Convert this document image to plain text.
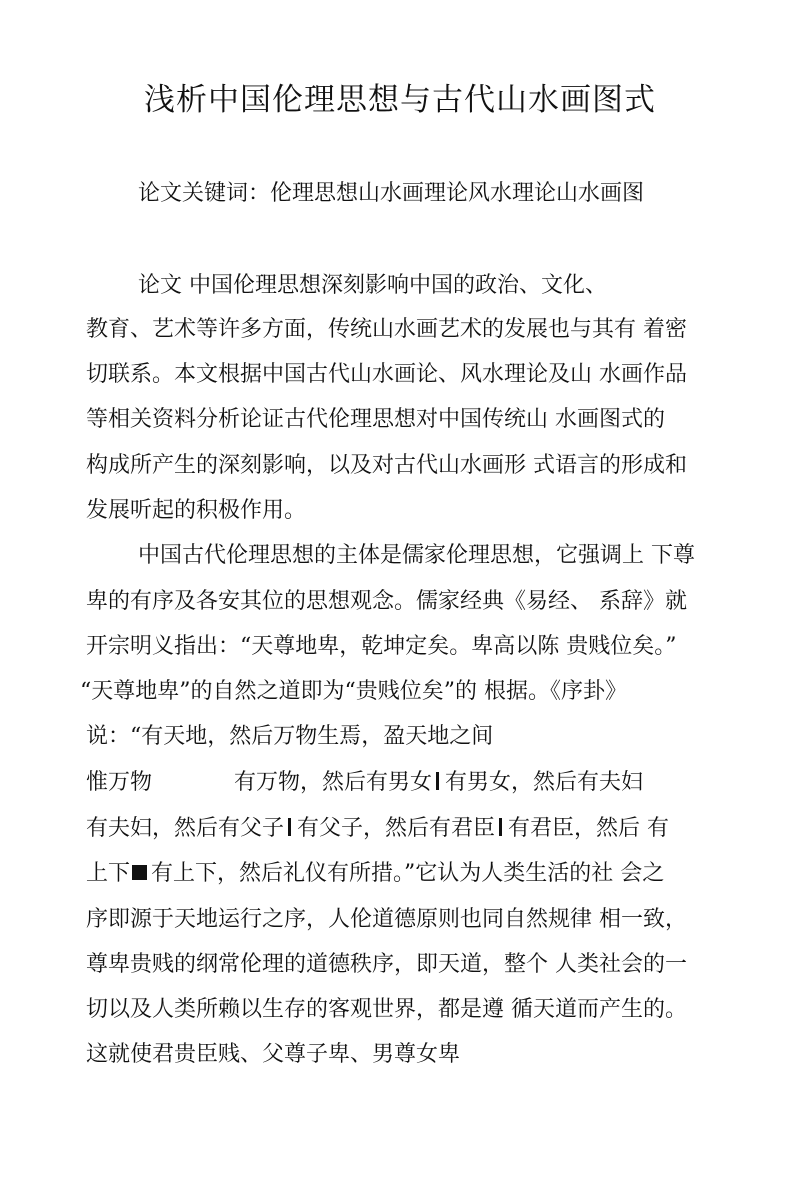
浅析中国伦理思想与古代山水画图式
论文关键词：伦理思想山水画理论风水理论山水画图
论文 中国伦理思想深刻影响中国的政治、文化、
教育、艺术等许多方面，传统山水画艺术的发展也与其有 着密
切联系。本文根据中国古代山水画论、风水理论及山 水画作品
等相关资料分析论证古代伦理思想对中国传统山 水画图式的
构成所产生的深刻影响，以及对古代山水画形 式语言的形成和
发展听起的积极作用。
中国古代伦理思想的主体是儒家伦理思想，它强调上 下尊
卑的有序及各安其位的思想观念。儒家经典《易经、 系辞》就
开宗明义指出：“天尊地卑，乾坤定矣。卑高以陈 贵贱位矣。”
“天尊地卑”的自然之道即为“贵贱位矣”的 根据。《序卦》
说：“有天地，然后万物生焉，盈天地之间
惟万物	有万物，然后有男女 有男女，然后有夫妇
有夫妇，然后有父子 有父子，然后有君臣 有君臣，然后 有
上下 有上下，然后礼仪有所措。”它认为人类生活的社 会之
序即源于天地运行之序，人伦道德原则也同自然规律 相一致，
尊卑贵贱的纲常伦理的道德秩序，即天道，整个 人类社会的一
切以及人类所赖以生存的客观世界，都是遵 循天道而产生的。
这就使君贵臣贱、父尊子卑、男尊女卑
